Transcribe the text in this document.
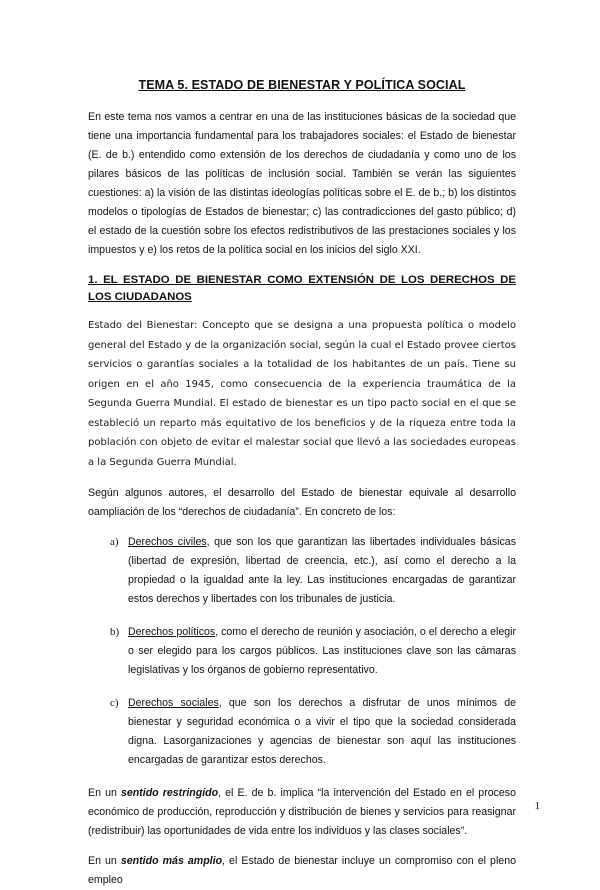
TEMA 5. ESTADO DE BIENESTAR Y POLÍTICA SOCIAL

En este tema nos vamos a centrar en una de las instituciones básicas de la sociedad que tiene una importancia fundamental para los trabajadores sociales: el Estado de bienestar (E. de b.) entendido como extensión de los derechos de ciudadanía y como uno de los pilares básicos de las políticas de inclusión social. También se verán las siguientes cuestiones: a) la visión de las distintas ideologías políticas sobre el E. de b.; b) los distintos modelos o tipologías de Estados de bienestar; c) las contradicciones del gasto público; d) el estado de la cuestión sobre los efectos redistributivos de las prestaciones sociales y los impuestos y e) los retos de la política social en los inicios del siglo XXI.

1. EL ESTADO DE BIENESTAR COMO EXTENSIÓN DE LOS DERECHOS DE LOS CIUDADANOS

Estado del Bienestar: Concepto que se designa a una propuesta política o modelo general del Estado y de la organización social, según la cual el Estado provee ciertos servicios o garantías sociales a la totalidad de los habitantes de un país. Tiene su origen en el año 1945, como consecuencia de la experiencia traumática de la Segunda Guerra Mundial. El estado de bienestar es un tipo pacto social en el que se estableció un reparto más equitativo de los beneficios y de la riqueza entre toda la población con objeto de evitar el malestar social que llevó a las sociedades europeas a la Segunda Guerra Mundial.

Según algunos autores, el desarrollo del Estado de bienestar equivale al desarrollo oampliación de los “derechos de ciudadanía”. En concreto de los:

a) Derechos civiles, que son los que garantizan las libertades individuales básicas (libertad de expresión, libertad de creencia, etc.), así como el derecho a la propiedad o la igualdad ante la ley. Las instituciones encargadas de garantizar estos derechos y libertades con los tribunales de justicia.

b) Derechos políticos, como el derecho de reunión y asociación, o el derecho a elegir o ser elegido para los cargos públicos. Las instituciones clave son las cámaras legislativas y los órganos de gobierno representativo.

c) Derechos sociales, que son los derechos a disfrutar de unos mínimos de bienestar y seguridad económica o a vivir el tipo que la sociedad considerada digna. Lasorganizaciones y agencias de bienestar son aquí las instituciones encargadas de garantizar estos derechos.

En un sentido restringido, el E. de b. implica “la intervención del Estado en el proceso económico de producción, reproducción y distribución de bienes y servicios para reasignar (redistribuir) las oportunidades de vida entre los individuos y las clases sociales”.

En un sentido más amplio, el Estado de bienestar incluye un compromiso con el pleno empleo

1
